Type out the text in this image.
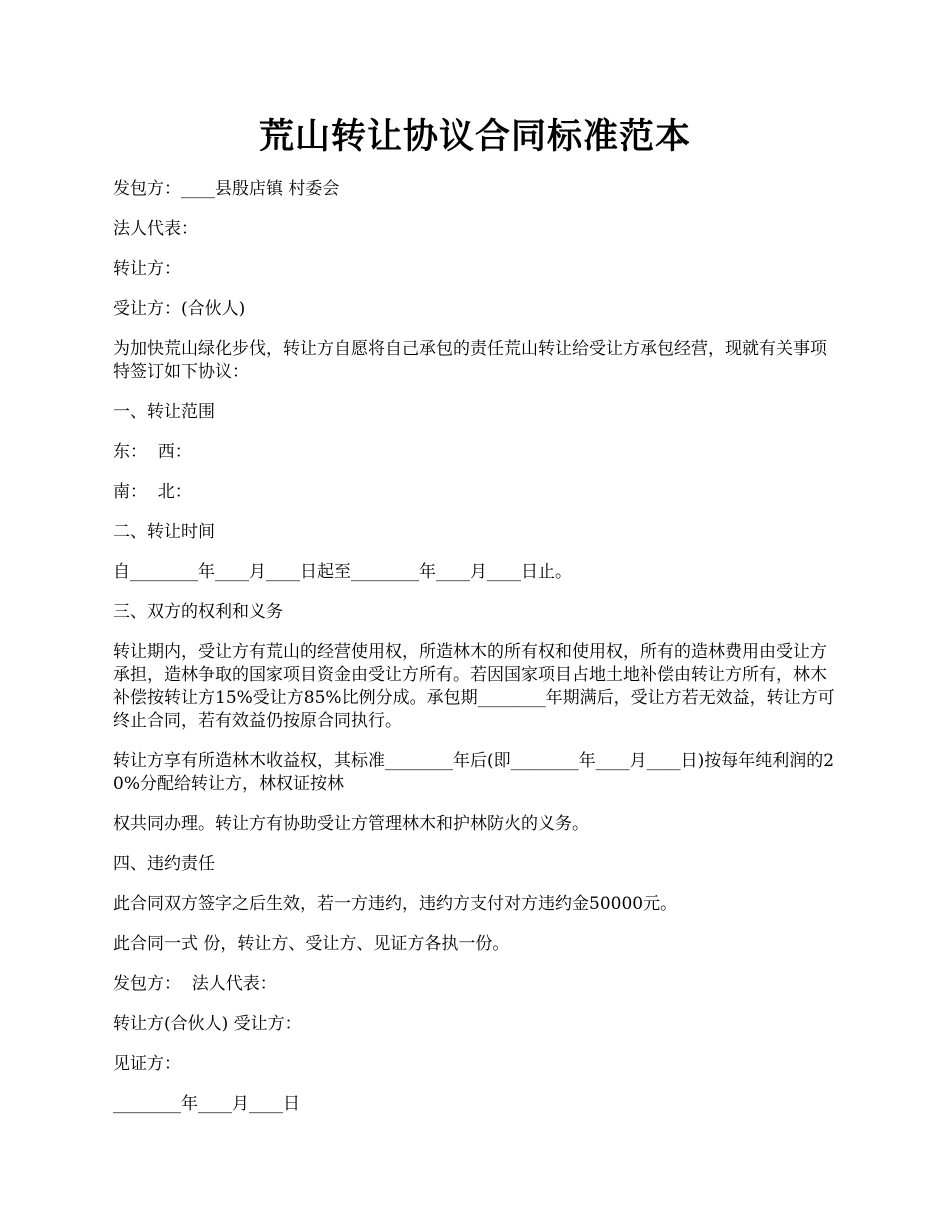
荒山转让协议合同标准范本

发包方：____县殷店镇 村委会

法人代表：

转让方：

受让方：(合伙人)

为加快荒山绿化步伐，转让方自愿将自己承包的责任荒山转让给受让方承包经营，现就有关事项特签订如下协议：

一、转让范围

东：  西：

南：  北：

二、转让时间

自________年____月____日起至________年____月____日止。

三、双方的权利和义务

转让期内，受让方有荒山的经营使用权，所造林木的所有权和使用权，所有的造林费用由受让方承担，造林争取的国家项目资金由受让方所有。若因国家项目占地土地补偿由转让方所有，林木补偿按转让方15%受让方85%比例分成。承包期________年期满后，受让方若无效益，转让方可终止合同，若有效益仍按原合同执行。

转让方享有所造林木收益权，其标准________年后(即________年____月____日)按每年纯利润的20%分配给转让方，林权证按林

权共同办理。转让方有协助受让方管理林木和护林防火的义务。

四、违约责任

此合同双方签字之后生效，若一方违约，违约方支付对方违约金50000元。

此合同一式 份，转让方、受让方、见证方各执一份。

发包方：  法人代表：

转让方(合伙人) 受让方：

见证方：

________年____月____日
